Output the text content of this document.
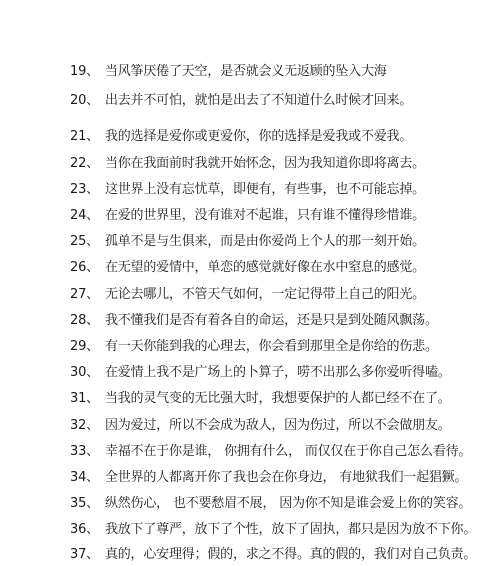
19、 当风筝厌倦了天空，是否就会义无返顾的坠入大海
20、 出去并不可怕，就怕是出去了不知道什么时候才回来。
21、 我的选择是爱你或更爱你，你的选择是爱我或不爱我。
22、 当你在我面前时我就开始怀念，因为我知道你即将离去。
23、 这世界上没有忘忧草，即便有，有些事，也不可能忘掉。
24、 在爱的世界里，没有谁对不起谁，只有谁不懂得珍惜谁。
25、 孤单不是与生俱来，而是由你爱尚上个人的那一刻开始。
26、 在无望的爱情中，单恋的感觉就好像在水中窒息的感觉。
27、 无论去哪儿，不管天气如何，一定记得带上自己的阳光。
28、 我不懂我们是否有着各自的命运，还是只是到处随风飘荡。
29、 有一天你能到我的心理去，你会看到那里全是你给的伤悲。
30、 在爱情上我不是广场上的卜算子，唠不出那么多你爱听得嗑。
31、 当我的灵气变的无比强大时，我想要保护的人都已经不在了。
32、 因为爱过，所以不会成为敌人，因为伤过，所以不会做朋友。
33、 幸福不在于你是谁， 你拥有什么， 而仅仅在于你自己怎么看待。
34、 全世界的人都离开你了我也会在你身边， 有地狱我们一起猖獗。
35、 纵然伤心， 也不要愁眉不展， 因为你不知是谁会爱上你的笑容。
36、 我放下了尊严，放下了个性，放下了固执，都只是因为放不下你。
37、 真的，心安理得；假的，求之不得。真的假的，我们对自己负责。
